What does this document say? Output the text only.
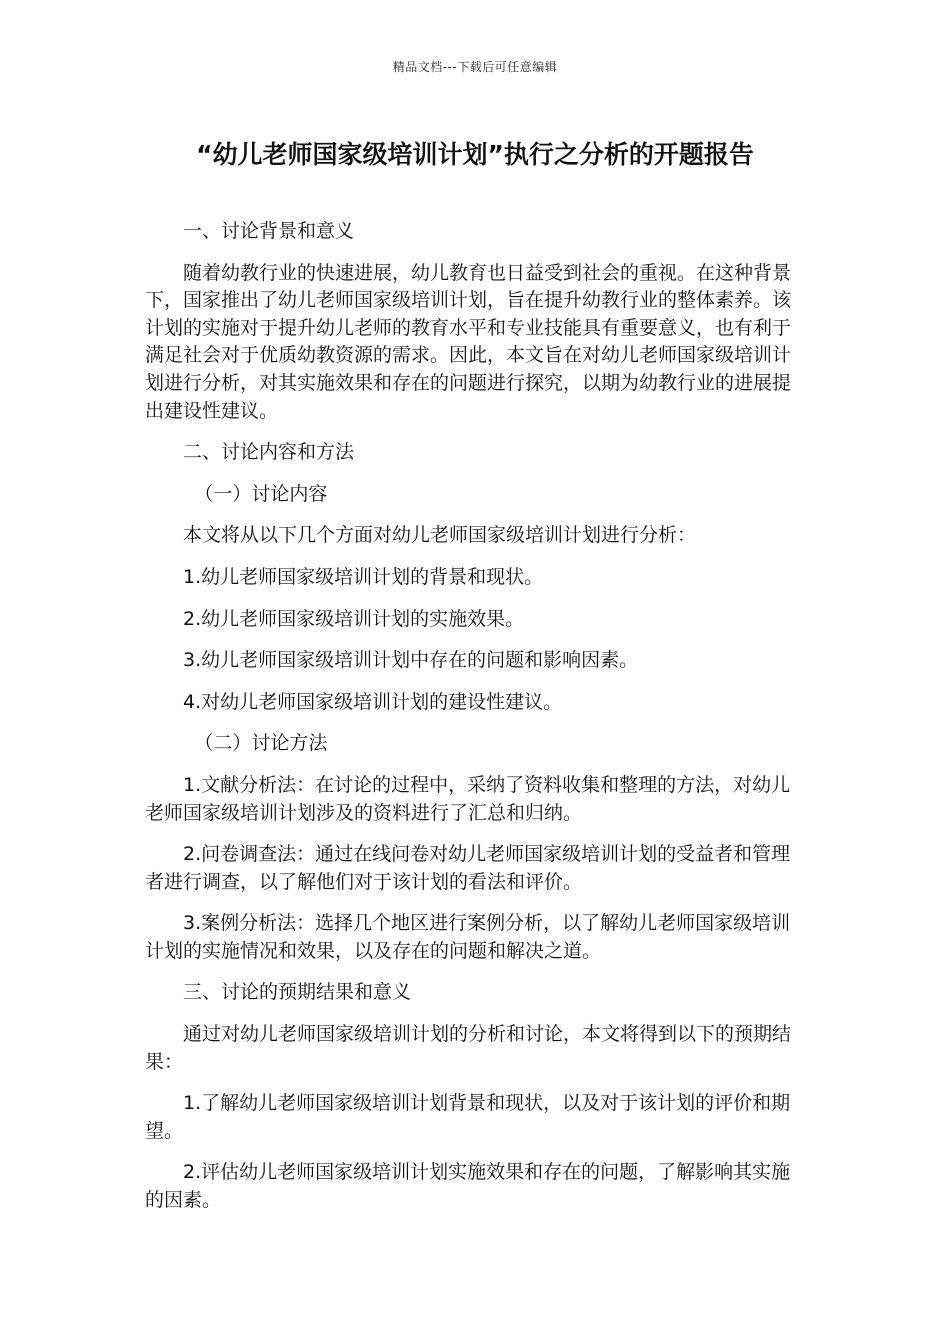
精品文档---下载后可任意编辑
“幼儿老师国家级培训计划”执行之分析的开题报告

一、讨论背景和意义

随着幼教行业的快速进展，幼儿教育也日益受到社会的重视。在这种背景下，国家推出了幼儿老师国家级培训计划，旨在提升幼教行业的整体素养。该计划的实施对于提升幼儿老师的教育水平和专业技能具有重要意义，也有利于满足社会对于优质幼教资源的需求。因此，本文旨在对幼儿老师国家级培训计划进行分析，对其实施效果和存在的问题进行探究，以期为幼教行业的进展提出建设性建议。

二、讨论内容和方法

（一）讨论内容

本文将从以下几个方面对幼儿老师国家级培训计划进行分析：

1.幼儿老师国家级培训计划的背景和现状。

2.幼儿老师国家级培训计划的实施效果。

3.幼儿老师国家级培训计划中存在的问题和影响因素。

4.对幼儿老师国家级培训计划的建设性建议。

（二）讨论方法

1.文献分析法：在讨论的过程中，采纳了资料收集和整理的方法，对幼儿老师国家级培训计划涉及的资料进行了汇总和归纳。

2.问卷调查法：通过在线问卷对幼儿老师国家级培训计划的受益者和管理者进行调查，以了解他们对于该计划的看法和评价。

3.案例分析法：选择几个地区进行案例分析，以了解幼儿老师国家级培训计划的实施情况和效果，以及存在的问题和解决之道。

三、讨论的预期结果和意义

通过对幼儿老师国家级培训计划的分析和讨论，本文将得到以下的预期结果：

1.了解幼儿老师国家级培训计划背景和现状，以及对于该计划的评价和期望。

2.评估幼儿老师国家级培训计划实施效果和存在的问题，了解影响其实施的因素。
